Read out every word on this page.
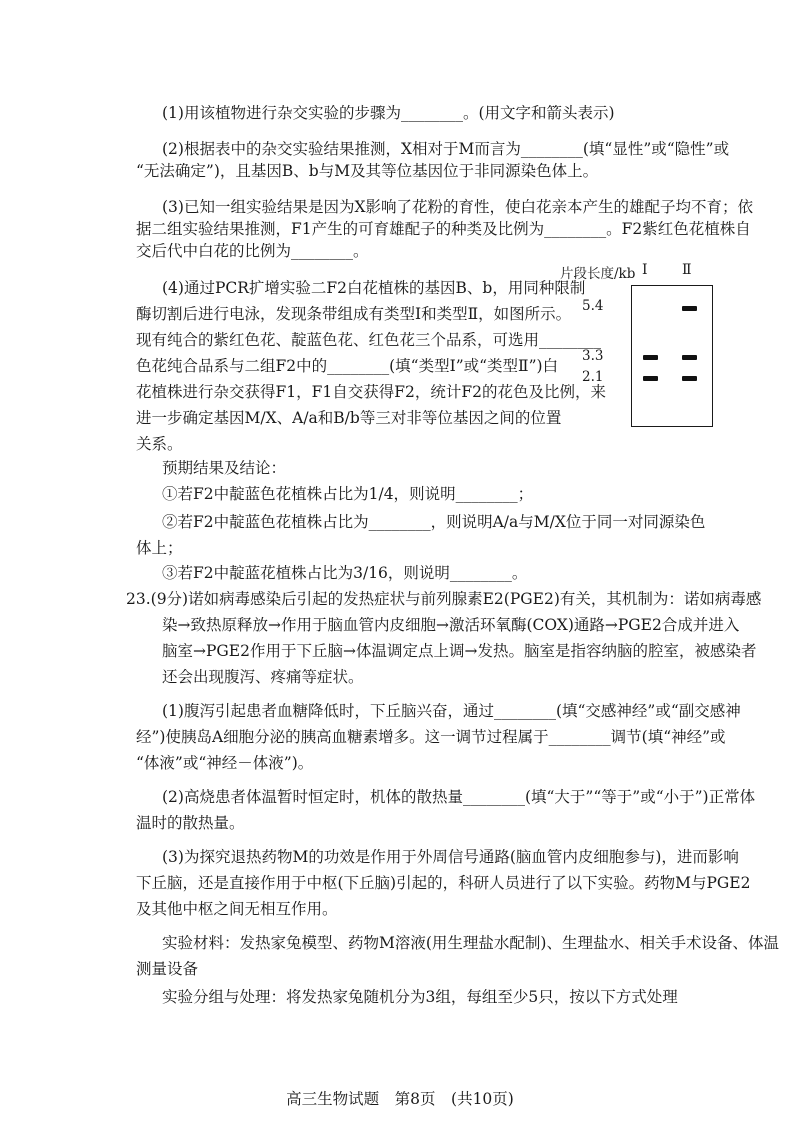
(1)用该植物进行杂交实验的步骤为________。(用文字和箭头表示)
(2)根据表中的杂交实验结果推测，X相对于M而言为________(填“显性”或“隐性”或
“无法确定”)，且基因B、b与M及其等位基因位于非同源染色体上。
(3)已知一组实验结果是因为X影响了花粉的育性，使白花亲本产生的雄配子均不育；依
据二组实验结果推测，F1产生的可育雄配子的种类及比例为________。F2紫红色花植株自
交后代中白花的比例为________。
(4)通过PCR扩增实验二F2白花植株的基因B、b，用同种限制
酶切割后进行电泳，发现条带组成有类型Ⅰ和类型Ⅱ，如图所示。
现有纯合的紫红色花、靛蓝色花、红色花三个品系，可选用________
色花纯合品系与二组F2中的________(填“类型Ⅰ”或“类型Ⅱ”)白
花植株进行杂交获得F1，F1自交获得F2，统计F2的花色及比例，来
进一步确定基因M/X、A/a和B/b等三对非等位基因之间的位置
关系。
预期结果及结论：
①若F2中靛蓝色花植株占比为1/4，则说明________；
②若F2中靛蓝色花植株占比为________，则说明A/a与M/X位于同一对同源染色
体上；
③若F2中靛蓝花植株占比为3/16，则说明________。
23.(9分)诺如病毒感染后引起的发热症状与前列腺素E2(PGE2)有关，其机制为：诺如病毒感
染→致热原释放→作用于脑血管内皮细胞→激活环氧酶(COX)通路→PGE2合成并进入
脑室→PGE2作用于下丘脑→体温调定点上调→发热。脑室是指容纳脑的腔室，被感染者
还会出现腹泻、疼痛等症状。
(1)腹泻引起患者血糖降低时，下丘脑兴奋，通过________(填“交感神经”或“副交感神
经”)使胰岛A细胞分泌的胰高血糖素增多。这一调节过程属于________调节(填“神经”或
“体液”或“神经－体液”)。
(2)高烧患者体温暂时恒定时，机体的散热量________(填“大于”“等于”或“小于”)正常体
温时的散热量。
(3)为探究退热药物M的功效是作用于外周信号通路(脑血管内皮细胞参与)，进而影响
下丘脑，还是直接作用于中枢(下丘脑)引起的，科研人员进行了以下实验。药物M与PGE2
及其他中枢之间无相互作用。
实验材料：发热家兔模型、药物M溶液(用生理盐水配制)、生理盐水、相关手术设备、体温
测量设备
实验分组与处理：将发热家兔随机分为3组，每组至少5只，按以下方式处理
片段长度/kb Ⅰ Ⅱ
5.4
3.3
2.1
高三生物试题　第8页　(共10页)
